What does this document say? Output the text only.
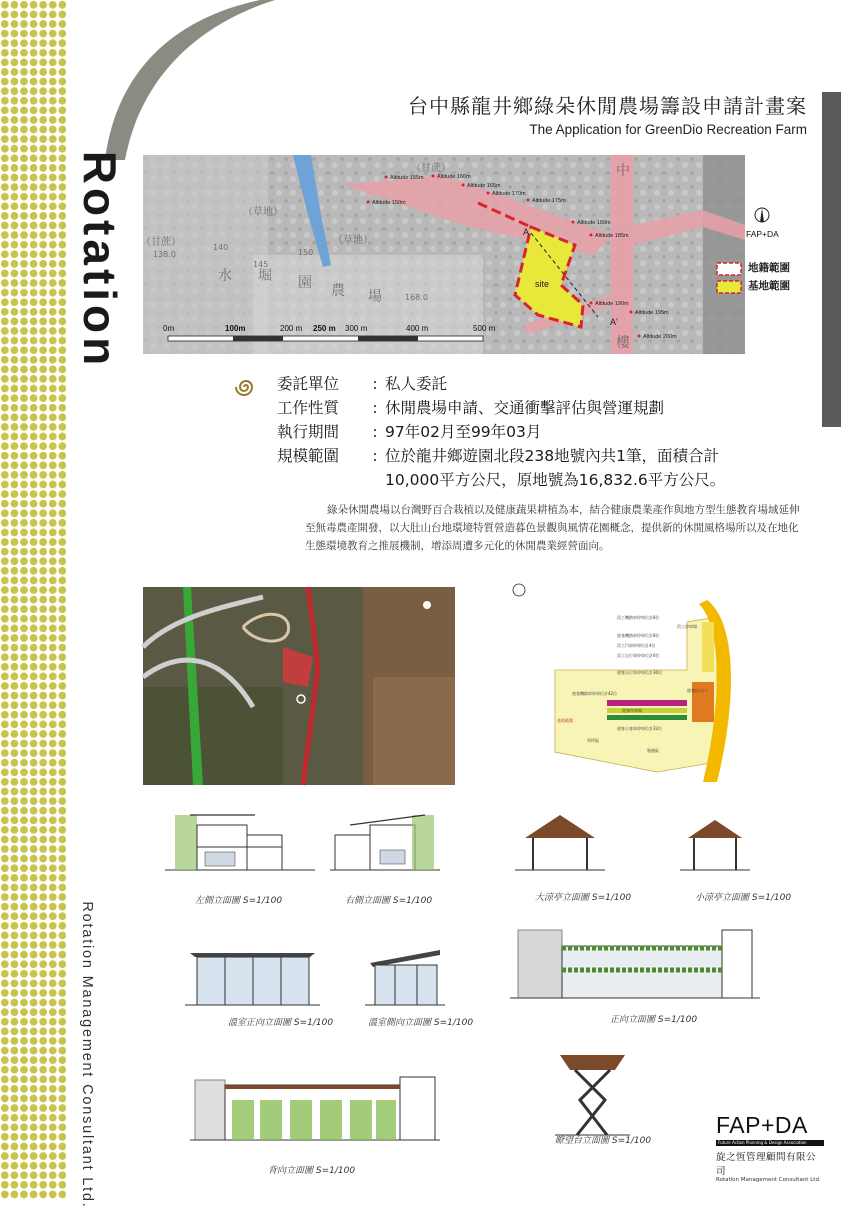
Rotation
Rotation Management Consultant Ltd.
台中縣龍井鄉綠朵休閒農場籌設申請計畫案
The Application for GreenDio Recreation Farm
site
A
A'
Altitude 155m Altitude 160m
Altitude 165m
Altitude 170m
Altitude 175m
Altitude 180m
Altitude 185m
Altitude 150m
Altitude 190m
Altitude 195m
Altitude 200m
（甘蔗）
（草地）
（草地）
（甘蔗）
138.0
140
145
150
168.0
水 堀 園 農 場
中
樓
0m	100m	200 m 250 m 300 m	400 m	500 m
FAP+DA
地籍範圍
基地範圍
委託單位 : 私人委託
工作性質 : 休閒農場申請、交通衝擊評估與營運規劃
執行期間 : 97年02月至99年03月
規模範圍 : 位於龍井鄉遊園北段238地號內共1筆，面積合計
10,000平方公尺，原地號為16,832.6平方公尺。
綠朵休閒農場以台灣野百合栽植以及健康蔬果耕植為本，結合健康農業產作與地方型生態教育場域延伸至無毒農產開發，以大肚山台地環境特質營造暮色景觀與風情花園概念，提供新的休閒風格場所以及在地化生態環境教育之推展機制，增添周遭多元化的休閒農業經營面向。
員工機踏車停車位計8位
員工停車場
遊客機踏車停車位計8位
員工汽車停車位計4位
員工自行車停車位計6位
遊客自行車停車位計30位
遊客出入口
遊客機踏車停車位計42位
遊客停車場
遊客小客車停車位計32位
基地範圍
服務區
草坪區
左側立面圖 S=1/100	右側立面圖 S=1/100	大涼亭立面圖 S=1/100	小涼亭立面圖 S=1/100
溫室正向立面圖 S=1/100	溫室側向立面圖 S=1/100	正向立面圖 S=1/100
背向立面圖 S=1/100
瞭望台立面圖 S=1/100
FAP+DA
Future Action Planning & Design Association
旋之恆管理顧問有限公司
Rotation Management Consultant Ltd.
